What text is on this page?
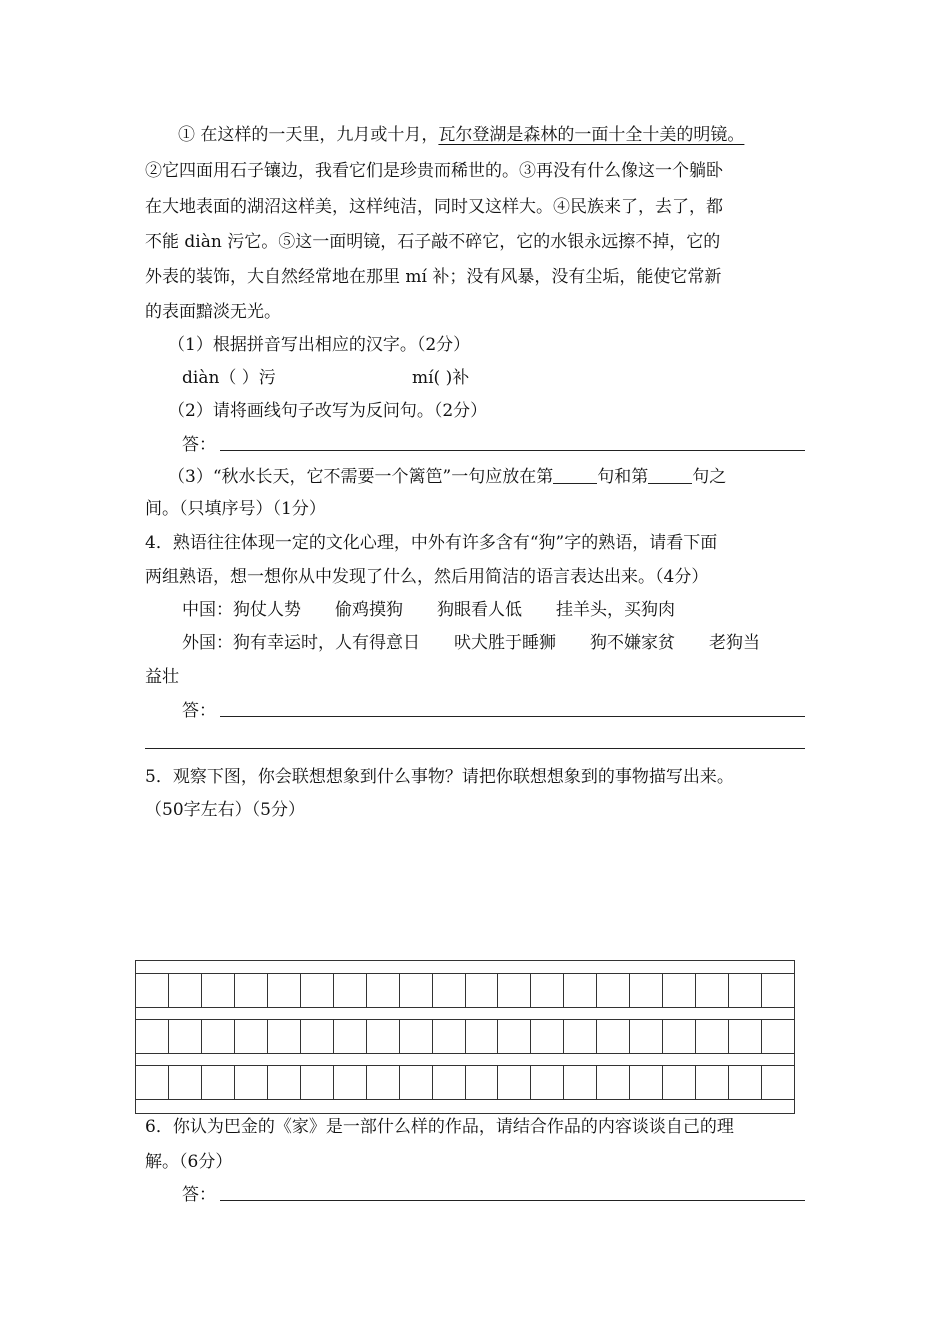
① 在这样的一天里，九月或十月，瓦尔登湖是森林的一面十全十美的明镜。
②它四面用石子镶边，我看它们是珍贵而稀世的。③再没有什么像这一个躺卧
在大地表面的湖沼这样美，这样纯洁，同时又这样大。④民族来了，去了，都
不能 diàn 污它。⑤这一面明镜，石子敲不碎它，它的水银永远擦不掉，它的
外表的装饰，大自然经常地在那里 mí 补；没有风暴，没有尘垢，能使它常新
的表面黯淡无光。
（1）根据拼音写出相应的汉字。（2分）
diàn（ ）污	mí( )补
（2）请将画线句子改写为反问句。（2分）
答：
（3）“秋水长天，它不需要一个篱笆”一句应放在第	句和第	句之
间。（只填序号）（1分）
4．熟语往往体现一定的文化心理，中外有许多含有“狗”字的熟语，请看下面
两组熟语，想一想你从中发现了什么，然后用简洁的语言表达出来。（4分）
中国：狗仗人势　　偷鸡摸狗　　狗眼看人低　　挂羊头，买狗肉
外国：狗有幸运时，人有得意日　　吠犬胜于睡狮　　狗不嫌家贫　　老狗当
益壮
答：
5．观察下图，你会联想想象到什么事物？请把你联想想象到的事物描写出来。
（50字左右）（5分）
6．你认为巴金的《家》是一部什么样的作品，请结合作品的内容谈谈自己的理
解。（6分）
答：
